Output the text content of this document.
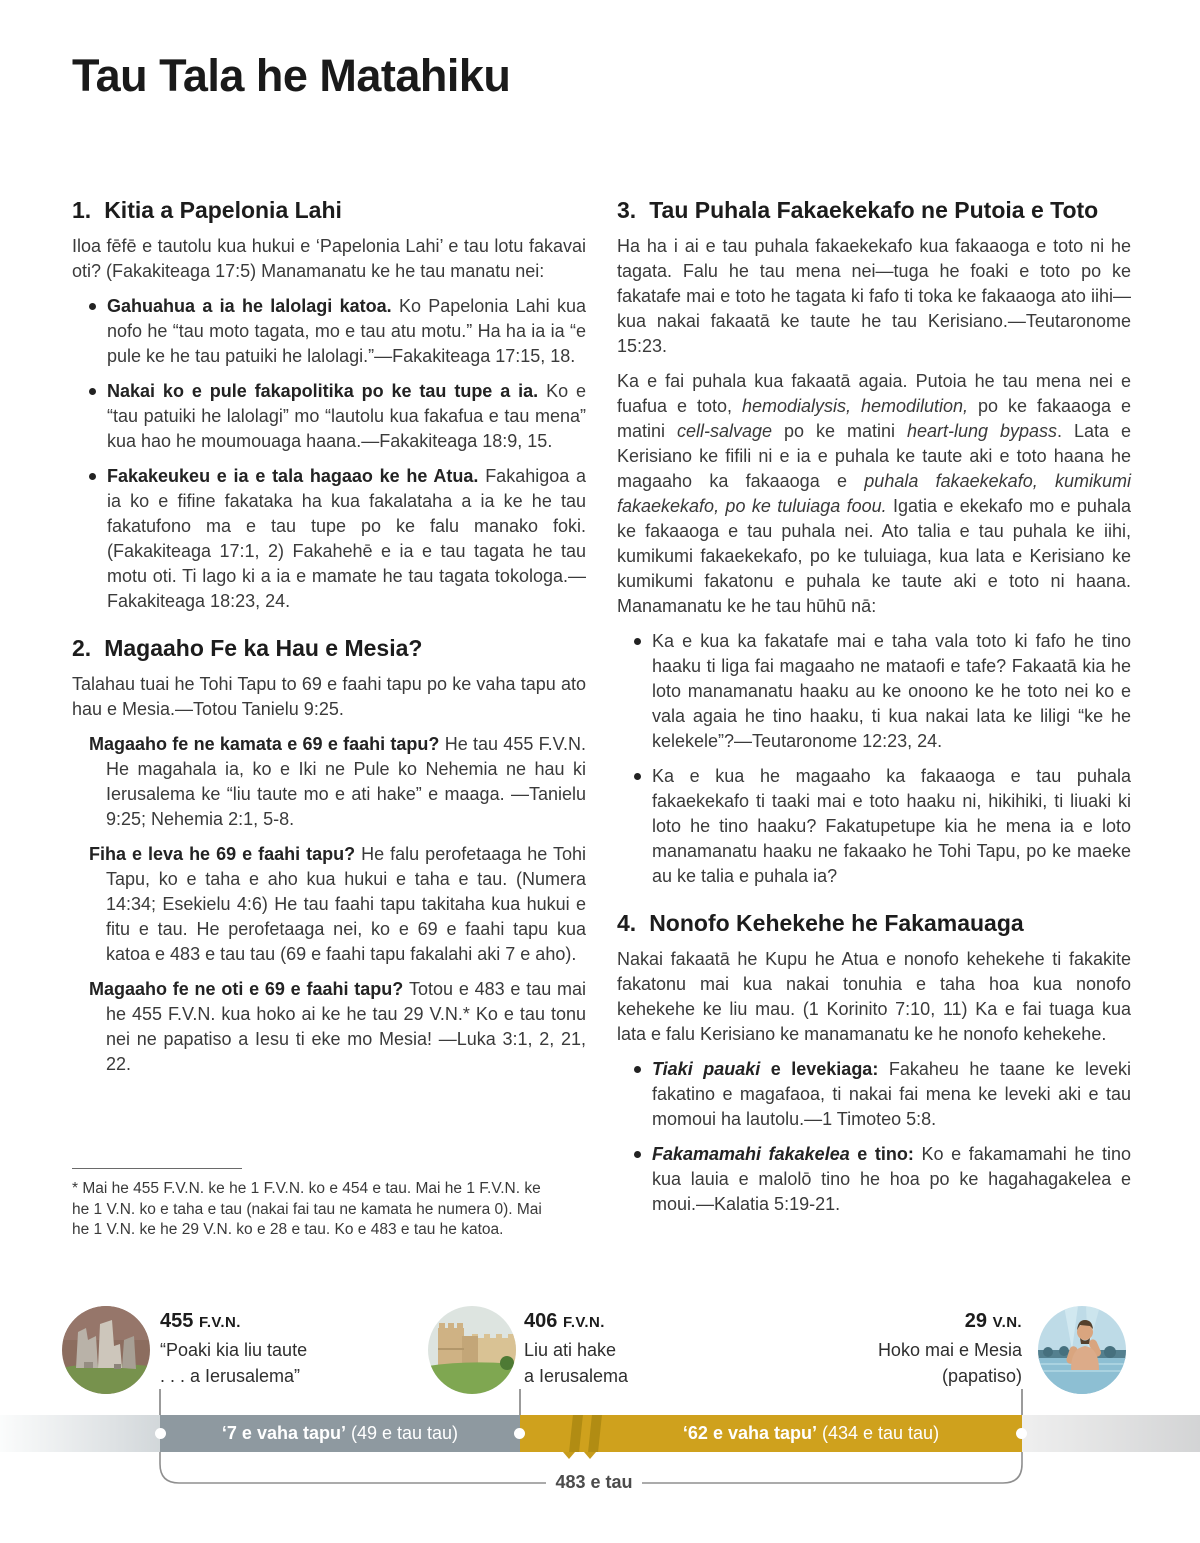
Tau Tala he Matahiku
1. Kitia a Papelonia Lahi

Iloa fēfē e tautolu kua hukui e ‘Papelonia Lahi’ e tau lotu fakavai oti? (Fakakiteaga 17:5) Manamanatu ke he tau manatu nei:

Gahuahua a ia he lalolagi katoa. Ko Papelonia Lahi kua nofo he “tau moto tagata, mo e tau atu motu.” Ha ha ia ia “e pule ke he tau patuiki he lalolagi.”—Fakakiteaga 17:15, 18.

Nakai ko e pule fakapolitika po ke tau tupe a ia. Ko e “tau patuiki he lalolagi” mo “lautolu kua fakafua e tau mena” kua hao he moumouaga haana.—Fakakiteaga 18:9, 15.

Fakakeukeu e ia e tala hagaao ke he Atua. Fakahigoa a ia ko e fifine fakataka ha kua fakalataha a ia ke he tau fakatufono ma e tau tupe po ke falu manako foki. (Fakakiteaga 17:1, 2) Fakahehē e ia e tau tagata he tau motu oti. Ti lago ki a ia e mamate he tau tagata tokologa.—Fakakiteaga 18:23, 24.

2. Magaaho Fe ka Hau e Mesia?

Talahau tuai he Tohi Tapu to 69 e faahi tapu po ke vaha tapu ato hau e Mesia.—Totou Tanielu 9:25.

Magaaho fe ne kamata e 69 e faahi tapu? He tau 455 F.V.N. He magahala ia, ko e Iki ne Pule ko Nehemia ne hau ki Ierusalema ke “liu taute mo e ati hake” e maaga. —Tanielu 9:25; Nehemia 2:1, 5-8.

Fiha e leva he 69 e faahi tapu? He falu perofetaaga he Tohi Tapu, ko e taha e aho kua hukui e taha e tau. (Numera 14:34; Esekielu 4:6) He tau faahi tapu takitaha kua hukui e fitu e tau. He perofetaaga nei, ko e 69 e faahi tapu kua katoa e 483 e tau tau (69 e faahi tapu fakalahi aki 7 e aho).

Magaaho fe ne oti e 69 e faahi tapu? Totou e 483 e tau mai he 455 F.V.N. kua hoko ai ke he tau 29 V.N.* Ko e tau tonu nei ne papatiso a Iesu ti eke mo Mesia! —Luka 3:1, 2, 21, 22.

3. Tau Puhala Fakaekekafo ne Putoia e Toto

Ha ha i ai e tau puhala fakaekekafo kua fakaaoga e toto ni he tagata. Falu he tau mena nei—tuga he foaki e toto po ke fakatafe mai e toto he tagata ki fafo ti toka ke fakaaoga ato iihi—kua nakai fakaatā ke taute he tau Kerisiano.—Teutaronome 15:23.

Ka e fai puhala kua fakaatā agaia. Putoia he tau mena nei e fuafua e toto, hemodialysis, hemodilution, po ke fakaaoga e matini cell-salvage po ke matini heart-lung bypass. Lata e Kerisiano ke fifili ni e ia e puhala ke taute aki e toto haana he magaaho ka fakaaoga e puhala fakaekekafo, kumikumi fakaekekafo, po ke tuluiaga foou. Igatia e ekekafo mo e puhala ke fakaaoga e tau puhala nei. Ato talia e tau puhala ke iihi, kumikumi fakaekekafo, po ke tuluiaga, kua lata e Kerisiano ke kumikumi fakatonu e puhala ke taute aki e toto ni haana. Manamanatu ke he tau hūhū nā:

Ka e kua ka fakatafe mai e taha vala toto ki fafo he tino haaku ti liga fai magaaho ne mataofi e tafe? Fakaatā kia he loto manamanatu haaku au ke onoono ke he toto nei ko e vala agaia he tino haaku, ti kua nakai lata ke liligi “ke he kelekele”?—Teutaronome 12:23, 24.

Ka e kua he magaaho ka fakaaoga e tau puhala fakaekekafo ti taaki mai e toto haaku ni, hikihiki, ti liuaki ki loto he tino haaku? Fakatupetupe kia he mena ia e loto manamanatu haaku ne fakaako he Tohi Tapu, po ke maeke au ke talia e puhala ia?

4. Nonofo Kehekehe he Fakamauaga

Nakai fakaatā he Kupu he Atua e nonofo kehekehe ti fakakite fakatonu mai kua nakai tonuhia e taha hoa kua nonofo kehekehe ke liu mau. (1 Korinito 7:10, 11) Ka e fai tuaga kua lata e falu Kerisiano ke manamanatu ke he nonofo kehekehe.

Tiaki pauaki e levekiaga: Fakaheu he taane ke leveki fakatino e magafaoa, ti nakai fai mena ke leveki aki e tau momoui ha lautolu.—1 Timoteo 5:8.

Fakamamahi fakakelea e tino: Ko e fakamamahi he tino kua lauia e malolō tino he hoa po ke hagahagakelea e moui.—Kalatia 5:19-21.

* Mai he 455 F.V.N. ke he 1 F.V.N. ko e 454 e tau. Mai he 1 F.V.N. ke he 1 V.N. ko e taha e tau (nakai fai tau ne kamata he numera 0). Mai he 1 V.N. ke he 29 V.N. ko e 28 e tau. Ko e 483 e tau he katoa.

455 F.V.N.
“Poaki kia liu taute
. . . a Ierusalema”
406 F.V.N.
Liu ati hake
a Ierusalema
29 V.N.
Hoko mai e Mesia
(papatiso)
‘7 e vaha tapu’ (49 e tau tau)	‘62 e vaha tapu’ (434 e tau tau)
483 e tau
